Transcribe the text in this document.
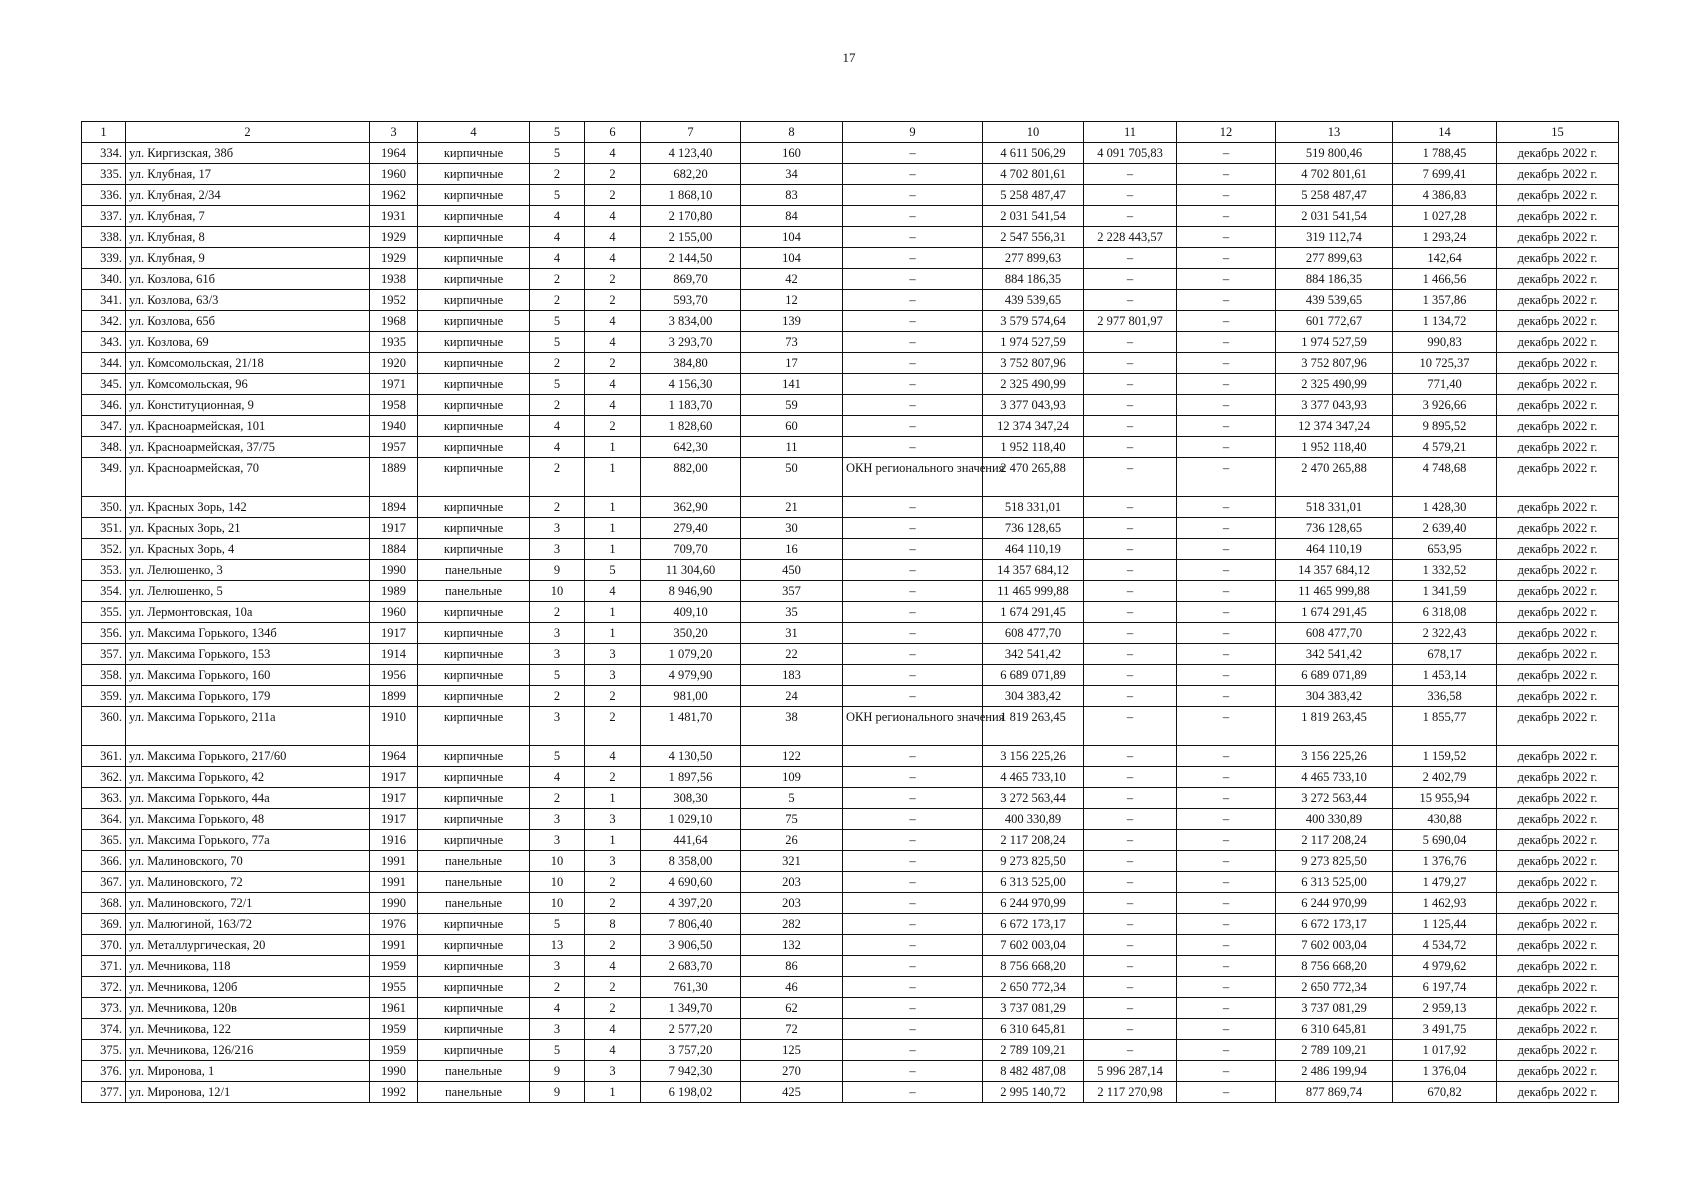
17
1	2	3	4	5	6	7	8	9	10	11	12	13	14	15
334.	ул. Киргизская, 38б	1964	кирпичные	5	4	4 123,40	160	–	4 611 506,29	4 091 705,83	–	519 800,46	1 788,45	декабрь 2022 г.
335.	ул. Клубная, 17	1960	кирпичные	2	2	682,20	34	–	4 702 801,61	–	–	4 702 801,61	7 699,41	декабрь 2022 г.
336.	ул. Клубная, 2/34	1962	кирпичные	5	2	1 868,10	83	–	5 258 487,47	–	–	5 258 487,47	4 386,83	декабрь 2022 г.
337.	ул. Клубная, 7	1931	кирпичные	4	4	2 170,80	84	–	2 031 541,54	–	–	2 031 541,54	1 027,28	декабрь 2022 г.
338.	ул. Клубная, 8	1929	кирпичные	4	4	2 155,00	104	–	2 547 556,31	2 228 443,57	–	319 112,74	1 293,24	декабрь 2022 г.
339.	ул. Клубная, 9	1929	кирпичные	4	4	2 144,50	104	–	277 899,63	–	–	277 899,63	142,64	декабрь 2022 г.
340.	ул. Козлова, 61б	1938	кирпичные	2	2	869,70	42	–	884 186,35	–	–	884 186,35	1 466,56	декабрь 2022 г.
341.	ул. Козлова, 63/3	1952	кирпичные	2	2	593,70	12	–	439 539,65	–	–	439 539,65	1 357,86	декабрь 2022 г.
342.	ул. Козлова, 65б	1968	кирпичные	5	4	3 834,00	139	–	3 579 574,64	2 977 801,97	–	601 772,67	1 134,72	декабрь 2022 г.
343.	ул. Козлова, 69	1935	кирпичные	5	4	3 293,70	73	–	1 974 527,59	–	–	1 974 527,59	990,83	декабрь 2022 г.
344.	ул. Комсомольская, 21/18	1920	кирпичные	2	2	384,80	17	–	3 752 807,96	–	–	3 752 807,96	10 725,37	декабрь 2022 г.
345.	ул. Комсомольская, 96	1971	кирпичные	5	4	4 156,30	141	–	2 325 490,99	–	–	2 325 490,99	771,40	декабрь 2022 г.
346.	ул. Конституционная, 9	1958	кирпичные	2	4	1 183,70	59	–	3 377 043,93	–	–	3 377 043,93	3 926,66	декабрь 2022 г.
347.	ул. Красноармейская, 101	1940	кирпичные	4	2	1 828,60	60	–	12 374 347,24	–	–	12 374 347,24	9 895,52	декабрь 2022 г.
348.	ул. Красноармейская, 37/75	1957	кирпичные	4	1	642,30	11	–	1 952 118,40	–	–	1 952 118,40	4 579,21	декабрь 2022 г.
349.	ул. Красноармейская, 70	1889	кирпичные	2	1	882,00	50	ОКН регионального значения	2 470 265,88	–	–	2 470 265,88	4 748,68	декабрь 2022 г.
350.	ул. Красных Зорь, 142	1894	кирпичные	2	1	362,90	21	–	518 331,01	–	–	518 331,01	1 428,30	декабрь 2022 г.
351.	ул. Красных Зорь, 21	1917	кирпичные	3	1	279,40	30	–	736 128,65	–	–	736 128,65	2 639,40	декабрь 2022 г.
352.	ул. Красных Зорь, 4	1884	кирпичные	3	1	709,70	16	–	464 110,19	–	–	464 110,19	653,95	декабрь 2022 г.
353.	ул. Лелюшенко, 3	1990	панельные	9	5	11 304,60	450	–	14 357 684,12	–	–	14 357 684,12	1 332,52	декабрь 2022 г.
354.	ул. Лелюшенко, 5	1989	панельные	10	4	8 946,90	357	–	11 465 999,88	–	–	11 465 999,88	1 341,59	декабрь 2022 г.
355.	ул. Лермонтовская, 10а	1960	кирпичные	2	1	409,10	35	–	1 674 291,45	–	–	1 674 291,45	6 318,08	декабрь 2022 г.
356.	ул. Максима Горького, 134б	1917	кирпичные	3	1	350,20	31	–	608 477,70	–	–	608 477,70	2 322,43	декабрь 2022 г.
357.	ул. Максима Горького, 153	1914	кирпичные	3	3	1 079,20	22	–	342 541,42	–	–	342 541,42	678,17	декабрь 2022 г.
358.	ул. Максима Горького, 160	1956	кирпичные	5	3	4 979,90	183	–	6 689 071,89	–	–	6 689 071,89	1 453,14	декабрь 2022 г.
359.	ул. Максима Горького, 179	1899	кирпичные	2	2	981,00	24	–	304 383,42	–	–	304 383,42	336,58	декабрь 2022 г.
360.	ул. Максима Горького, 211а	1910	кирпичные	3	2	1 481,70	38	ОКН регионального значения	1 819 263,45	–	–	1 819 263,45	1 855,77	декабрь 2022 г.
361.	ул. Максима Горького, 217/60	1964	кирпичные	5	4	4 130,50	122	–	3 156 225,26	–	–	3 156 225,26	1 159,52	декабрь 2022 г.
362.	ул. Максима Горького, 42	1917	кирпичные	4	2	1 897,56	109	–	4 465 733,10	–	–	4 465 733,10	2 402,79	декабрь 2022 г.
363.	ул. Максима Горького, 44а	1917	кирпичные	2	1	308,30	5	–	3 272 563,44	–	–	3 272 563,44	15 955,94	декабрь 2022 г.
364.	ул. Максима Горького, 48	1917	кирпичные	3	3	1 029,10	75	–	400 330,89	–	–	400 330,89	430,88	декабрь 2022 г.
365.	ул. Максима Горького, 77а	1916	кирпичные	3	1	441,64	26	–	2 117 208,24	–	–	2 117 208,24	5 690,04	декабрь 2022 г.
366.	ул. Малиновского, 70	1991	панельные	10	3	8 358,00	321	–	9 273 825,50	–	–	9 273 825,50	1 376,76	декабрь 2022 г.
367.	ул. Малиновского, 72	1991	панельные	10	2	4 690,60	203	–	6 313 525,00	–	–	6 313 525,00	1 479,27	декабрь 2022 г.
368.	ул. Малиновского, 72/1	1990	панельные	10	2	4 397,20	203	–	6 244 970,99	–	–	6 244 970,99	1 462,93	декабрь 2022 г.
369.	ул. Малюгиной, 163/72	1976	кирпичные	5	8	7 806,40	282	–	6 672 173,17	–	–	6 672 173,17	1 125,44	декабрь 2022 г.
370.	ул. Металлургическая, 20	1991	кирпичные	13	2	3 906,50	132	–	7 602 003,04	–	–	7 602 003,04	4 534,72	декабрь 2022 г.
371.	ул. Мечникова, 118	1959	кирпичные	3	4	2 683,70	86	–	8 756 668,20	–	–	8 756 668,20	4 979,62	декабрь 2022 г.
372.	ул. Мечникова, 120б	1955	кирпичные	2	2	761,30	46	–	2 650 772,34	–	–	2 650 772,34	6 197,74	декабрь 2022 г.
373.	ул. Мечникова, 120в	1961	кирпичные	4	2	1 349,70	62	–	3 737 081,29	–	–	3 737 081,29	2 959,13	декабрь 2022 г.
374.	ул. Мечникова, 122	1959	кирпичные	3	4	2 577,20	72	–	6 310 645,81	–	–	6 310 645,81	3 491,75	декабрь 2022 г.
375.	ул. Мечникова, 126/216	1959	кирпичные	5	4	3 757,20	125	–	2 789 109,21	–	–	2 789 109,21	1 017,92	декабрь 2022 г.
376.	ул. Миронова, 1	1990	панельные	9	3	7 942,30	270	–	8 482 487,08	5 996 287,14	–	2 486 199,94	1 376,04	декабрь 2022 г.
377.	ул. Миронова, 12/1	1992	панельные	9	1	6 198,02	425	–	2 995 140,72	2 117 270,98	–	877 869,74	670,82	декабрь 2022 г.
